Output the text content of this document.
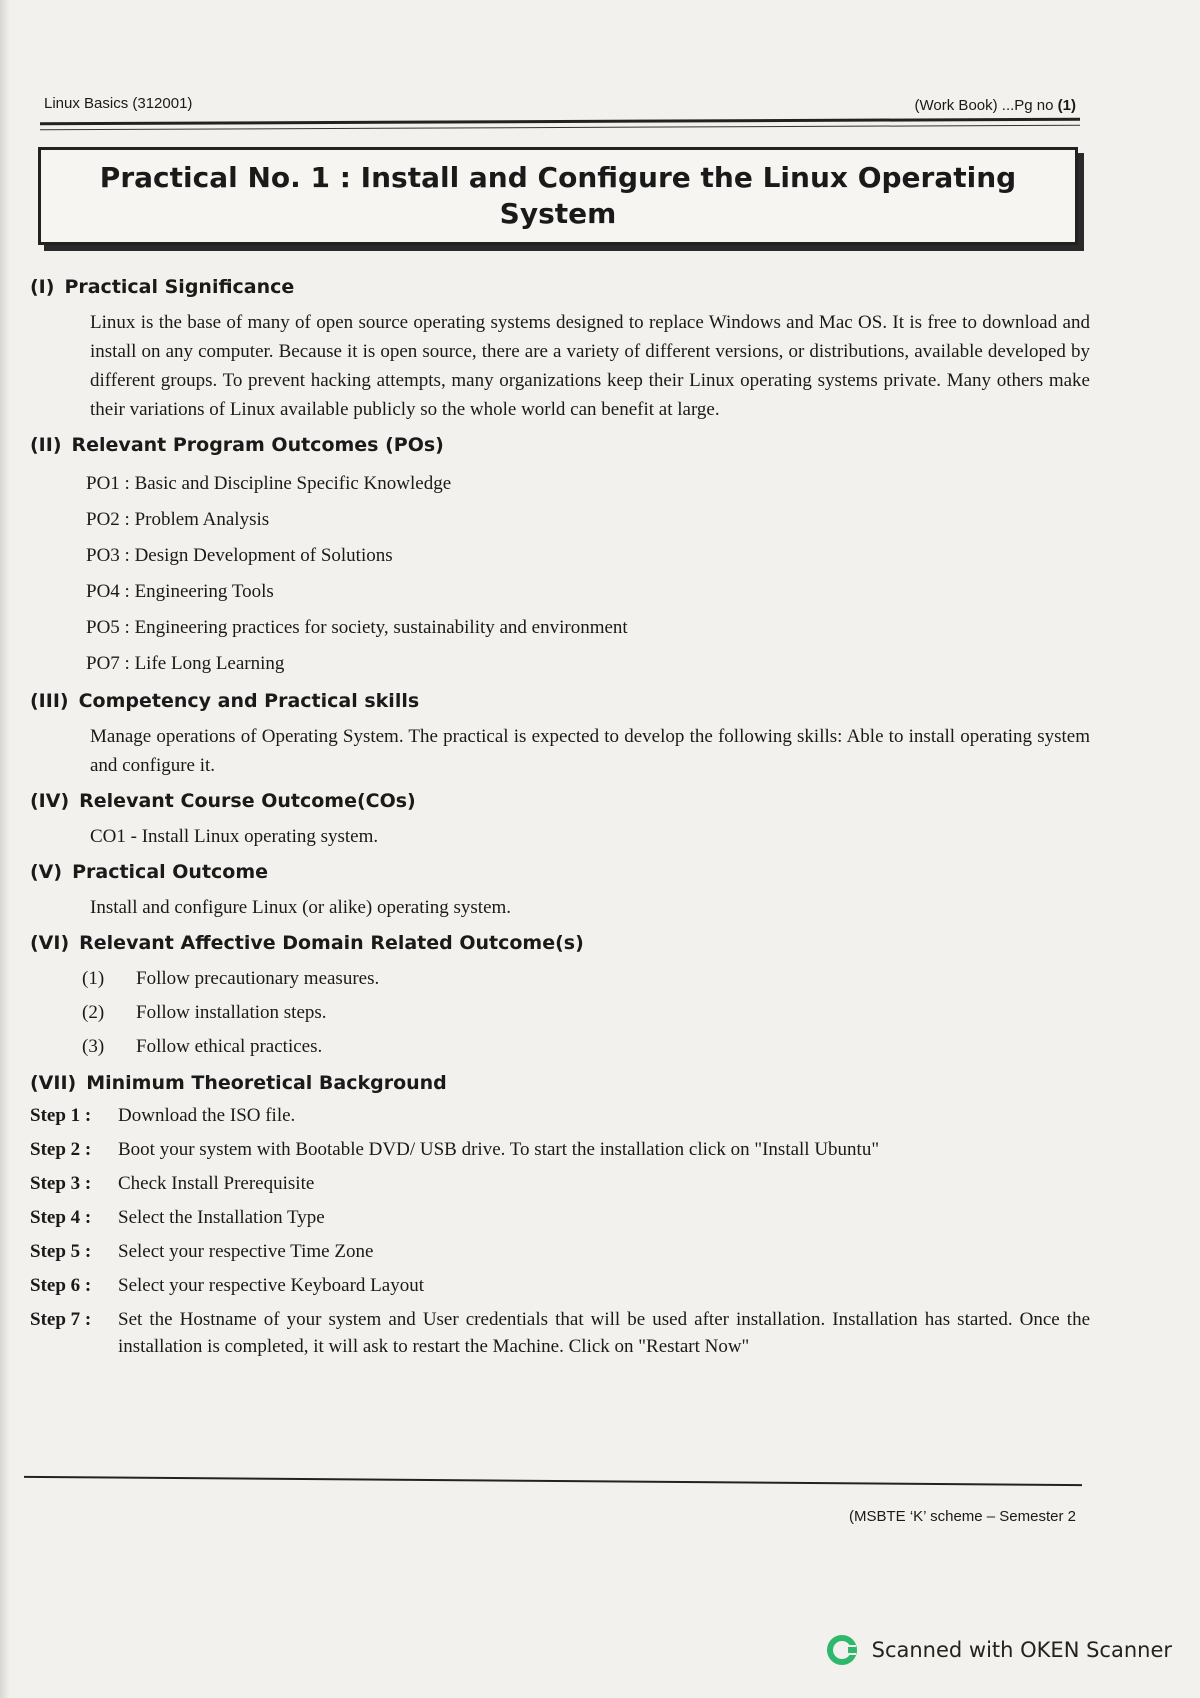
Linux Basics (312001)	(Work Book) ...Pg no (1)
Practical No. 1 : Install and Configure the Linux Operating System
(I) Practical Significance

Linux is the base of many of open source operating systems designed to replace Windows and Mac OS. It is free to download and install on any computer. Because it is open source, there are a variety of different versions, or distributions, available developed by different groups. To prevent hacking attempts, many organizations keep their Linux operating systems private. Many others make their variations of Linux available publicly so the whole world can benefit at large.

(II) Relevant Program Outcomes (POs)
PO1 : Basic and Discipline Specific Knowledge
PO2 : Problem Analysis
PO3 : Design Development of Solutions
PO4 : Engineering Tools
PO5 : Engineering practices for society, sustainability and environment
PO7 : Life Long Learning
(III) Competency and Practical skills

Manage operations of Operating System. The practical is expected to develop the following skills: Able to install operating system and configure it.

(IV) Relevant Course Outcome(COs)

CO1 - Install Linux operating system.

(V) Practical Outcome

Install and configure Linux (or alike) operating system.

(VI) Relevant Affective Domain Related Outcome(s)
(1)	Follow precautionary measures.
(2)	Follow installation steps.
(3)	Follow ethical practices.
(VII) Minimum Theoretical Background
Step 1 :	Download the ISO file.
Step 2 :	Boot your system with Bootable DVD/ USB drive. To start the installation click on "Install Ubuntu"
Step 3 :	Check Install Prerequisite
Step 4 :	Select the Installation Type
Step 5 :	Select your respective Time Zone
Step 6 :	Select your respective Keyboard Layout
Step 7 :	Set the Hostname of your system and User credentials that will be used after installation. Installation has started. Once the installation is completed, it will ask to restart the Machine. Click on "Restart Now"
(MSBTE ‘K’ scheme – Semester 2
Scanned with OKEN Scanner
